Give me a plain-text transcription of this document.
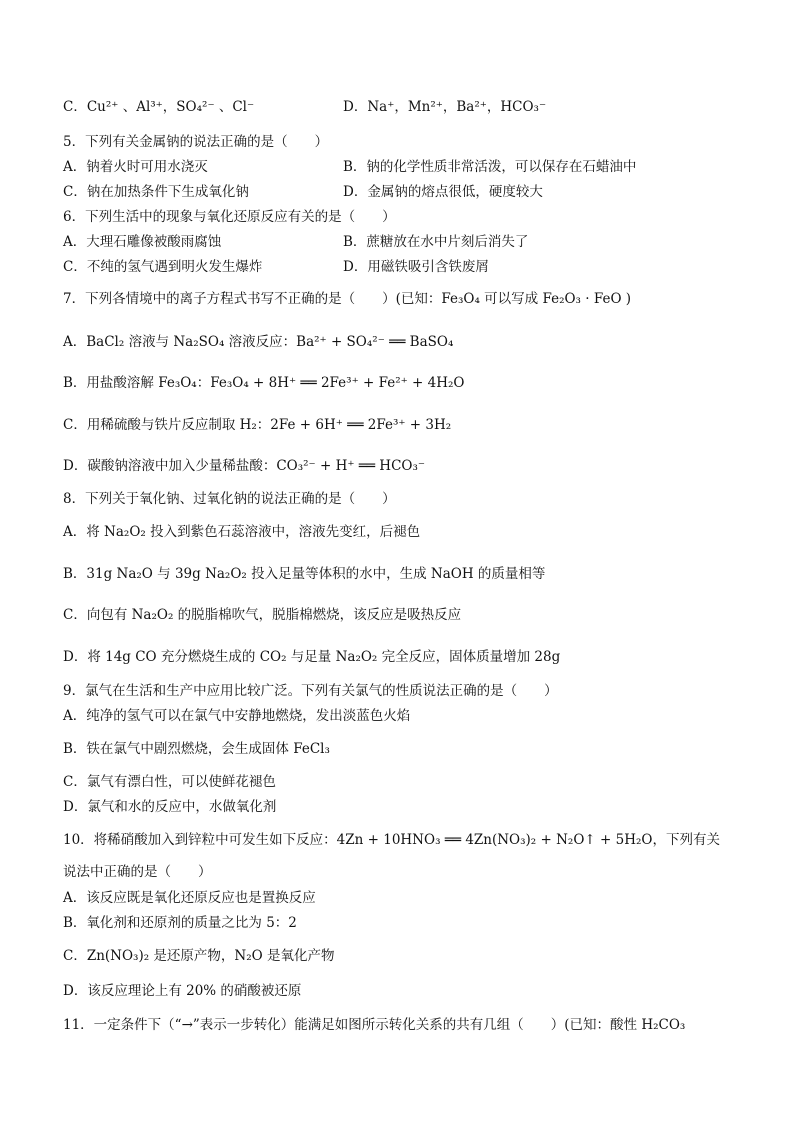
C．Cu²⁺ 、Al³⁺，SO₄²⁻ 、Cl⁻	D．Na⁺，Mn²⁺，Ba²⁺，HCO₃⁻
5．下列有关金属钠的说法正确的是（　　）
A．钠着火时可用水浇灭	B．钠的化学性质非常活泼，可以保存在石蜡油中
C．钠在加热条件下生成氧化钠	D．金属钠的熔点很低，硬度较大
6．下列生活中的现象与氧化还原反应有关的是（　　）
A．大理石雕像被酸雨腐蚀	B．蔗糖放在水中片刻后消失了
C．不纯的氢气遇到明火发生爆炸	D．用磁铁吸引含铁废屑
7．下列各情境中的离子方程式书写不正确的是（　　）(已知：Fe₃O₄ 可以写成 Fe₂O₃ · FeO )
A．BaCl₂ 溶液与 Na₂SO₄ 溶液反应：Ba²⁺ + SO₄²⁻ ══ BaSO₄
B．用盐酸溶解 Fe₃O₄：Fe₃O₄ + 8H⁺ ══ 2Fe³⁺ + Fe²⁺ + 4H₂O
C．用稀硫酸与铁片反应制取 H₂：2Fe + 6H⁺ ══ 2Fe³⁺ + 3H₂
D．碳酸钠溶液中加入少量稀盐酸：CO₃²⁻ + H⁺ ══ HCO₃⁻
8．下列关于氧化钠、过氧化钠的说法正确的是（　　）
A．将 Na₂O₂ 投入到紫色石蕊溶液中，溶液先变红，后褪色
B．31g Na₂O 与 39g Na₂O₂ 投入足量等体积的水中，生成 NaOH 的质量相等
C．向包有 Na₂O₂ 的脱脂棉吹气，脱脂棉燃烧，该反应是吸热反应
D．将 14g CO 充分燃烧生成的 CO₂ 与足量 Na₂O₂ 完全反应，固体质量增加 28g
9．氯气在生活和生产中应用比较广泛。下列有关氯气的性质说法正确的是（　　）
A．纯净的氢气可以在氯气中安静地燃烧，发出淡蓝色火焰
B．铁在氯气中剧烈燃烧，会生成固体 FeCl₃
C．氯气有漂白性，可以使鲜花褪色
D．氯气和水的反应中，水做氧化剂
10．将稀硝酸加入到锌粒中可发生如下反应：4Zn + 10HNO₃ ══ 4Zn(NO₃)₂ + N₂O↑ + 5H₂O，下列有关
说法中正确的是（　　）
A．该反应既是氧化还原反应也是置换反应
B．氧化剂和还原剂的质量之比为 5：2
C．Zn(NO₃)₂ 是还原产物，N₂O 是氧化产物
D．该反应理论上有 20% 的硝酸被还原
11．一定条件下（“→”表示一步转化）能满足如图所示转化关系的共有几组（　　）(已知：酸性 H₂CO₃
